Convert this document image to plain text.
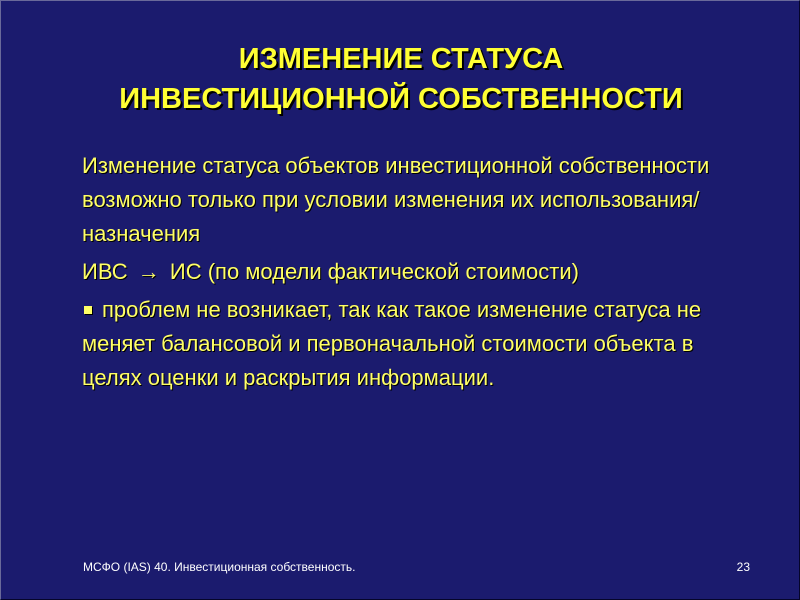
ИЗМЕНЕНИЕ СТАТУСА
ИНВЕСТИЦИОННОЙ СОБСТВЕННОСТИ

Изменение статуса объектов инвестиционной собственности возможно только при условии изменения их использования/назначения

ИВС → ИС (по модели фактической стоимости)

проблем не возникает, так как такое изменение статуса не меняет балансовой и первоначальной стоимости объекта в целях оценки и раскрытия информации.

МСФО (IAS) 40. Инвестиционная собственность.	23
